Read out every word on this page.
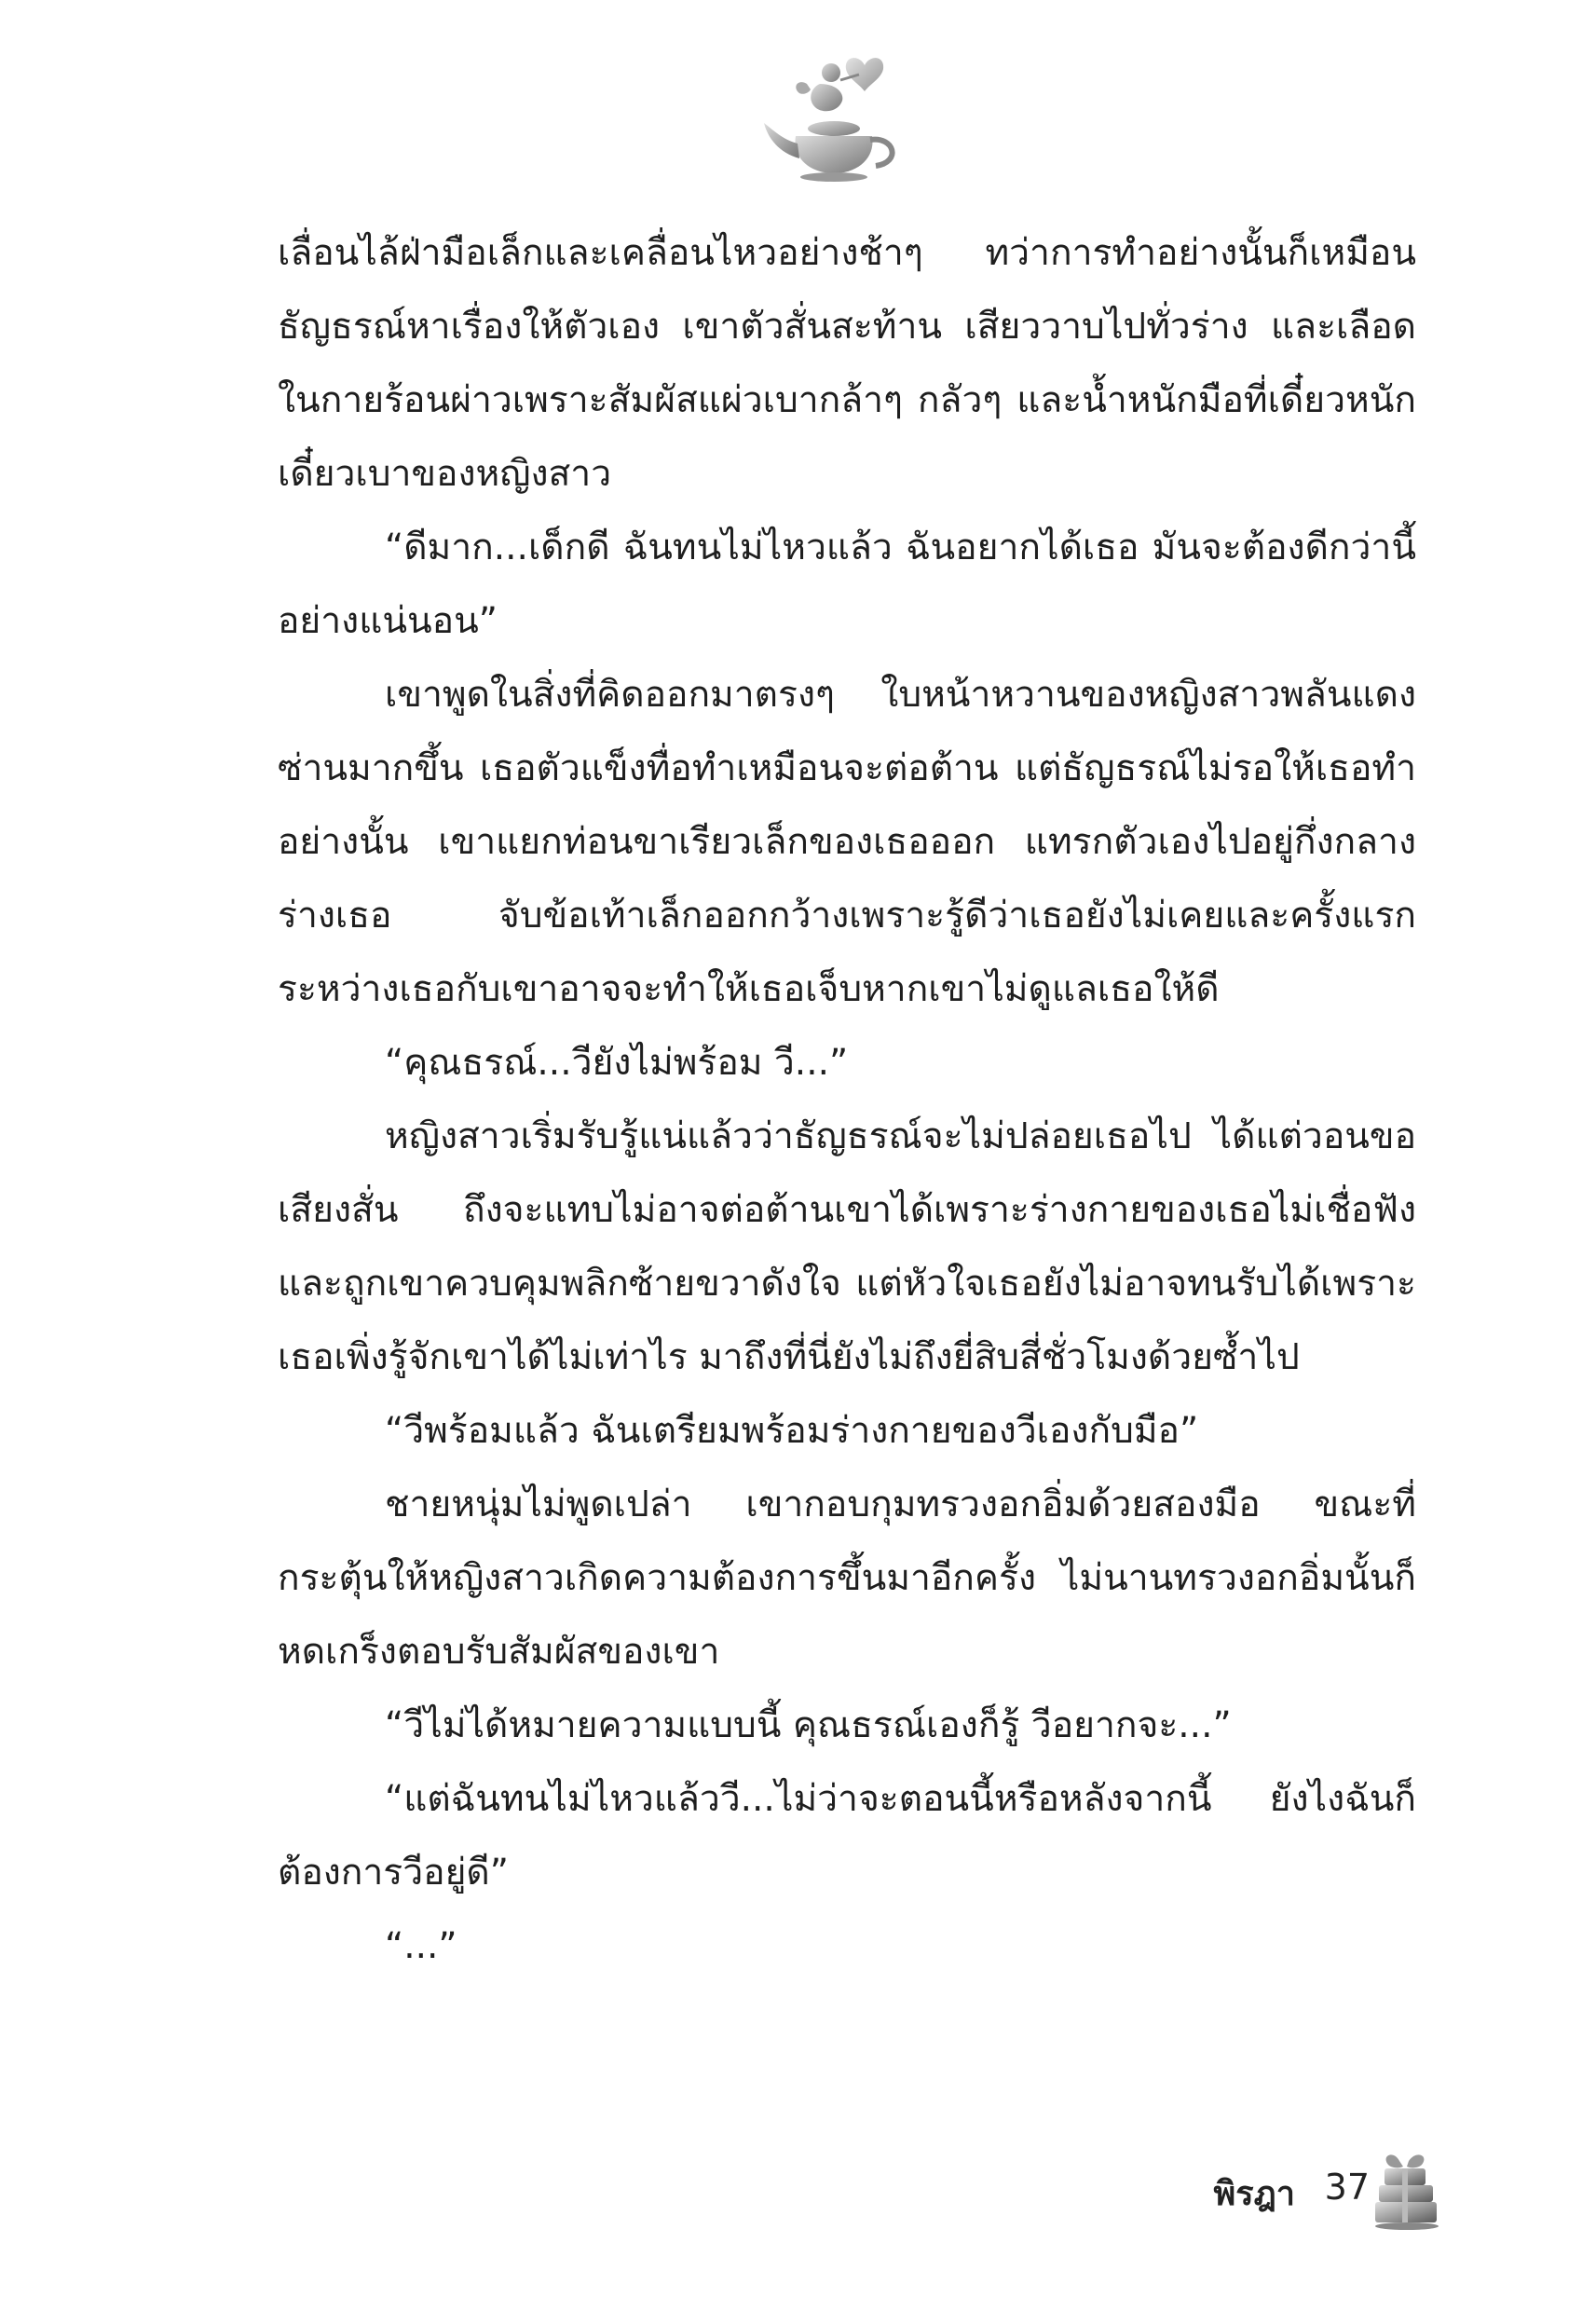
เลื่อนไล้ฝ่ามือเล็กและเคลื่อนไหวอย่างช้าๆ ทว่าการทำอย่างนั้นก็เหมือนธัญธรณ์หาเรื่องให้ตัวเอง เขาตัวสั่นสะท้าน เสียววาบไปทั่วร่าง และเลือดในกายร้อนผ่าวเพราะสัมผัสแผ่วเบากล้าๆ กลัวๆ และน้ำหนักมือที่เดี๋ยวหนักเดี๋ยวเบาของหญิงสาว

“ดีมาก...เด็กดี ฉันทนไม่ไหวแล้ว ฉันอยากได้เธอ มันจะต้องดีกว่านี้อย่างแน่นอน”

เขาพูดในสิ่งที่คิดออกมาตรงๆ ใบหน้าหวานของหญิงสาวพลันแดงซ่านมากขึ้น เธอตัวแข็งทื่อทำเหมือนจะต่อต้าน แต่ธัญธรณ์ไม่รอให้เธอทำอย่างนั้น เขาแยกท่อนขาเรียวเล็กของเธอออก แทรกตัวเองไปอยู่กึ่งกลางร่างเธอ จับข้อเท้าเล็กออกกว้างเพราะรู้ดีว่าเธอยังไม่เคยและครั้งแรกระหว่างเธอกับเขาอาจจะทำให้เธอเจ็บหากเขาไม่ดูแลเธอให้ดี

“คุณธรณ์...วียังไม่พร้อม วี...”

หญิงสาวเริ่มรับรู้แน่แล้วว่าธัญธรณ์จะไม่ปล่อยเธอไป ได้แต่วอนขอเสียงสั่น ถึงจะแทบไม่อาจต่อต้านเขาได้เพราะร่างกายของเธอไม่เชื่อฟังและถูกเขาควบคุมพลิกซ้ายขวาดังใจ แต่หัวใจเธอยังไม่อาจทนรับได้เพราะเธอเพิ่งรู้จักเขาได้ไม่เท่าไร มาถึงที่นี่ยังไม่ถึงยี่สิบสี่ชั่วโมงด้วยซ้ำไป

“วีพร้อมแล้ว ฉันเตรียมพร้อมร่างกายของวีเองกับมือ”

ชายหนุ่มไม่พูดเปล่า เขากอบกุมทรวงอกอิ่มด้วยสองมือ ขณะที่กระตุ้นให้หญิงสาวเกิดความต้องการขึ้นมาอีกครั้ง ไม่นานทรวงอกอิ่มนั้นก็หดเกร็งตอบรับสัมผัสของเขา

“วีไม่ได้หมายความแบบนี้ คุณธรณ์เองก็รู้ วีอยากจะ...”

“แต่ฉันทนไม่ไหวแล้ววี...ไม่ว่าจะตอนนี้หรือหลังจากนี้ ยังไงฉันก็ต้องการวีอยู่ดี”

“...”

พิรฎา 37
